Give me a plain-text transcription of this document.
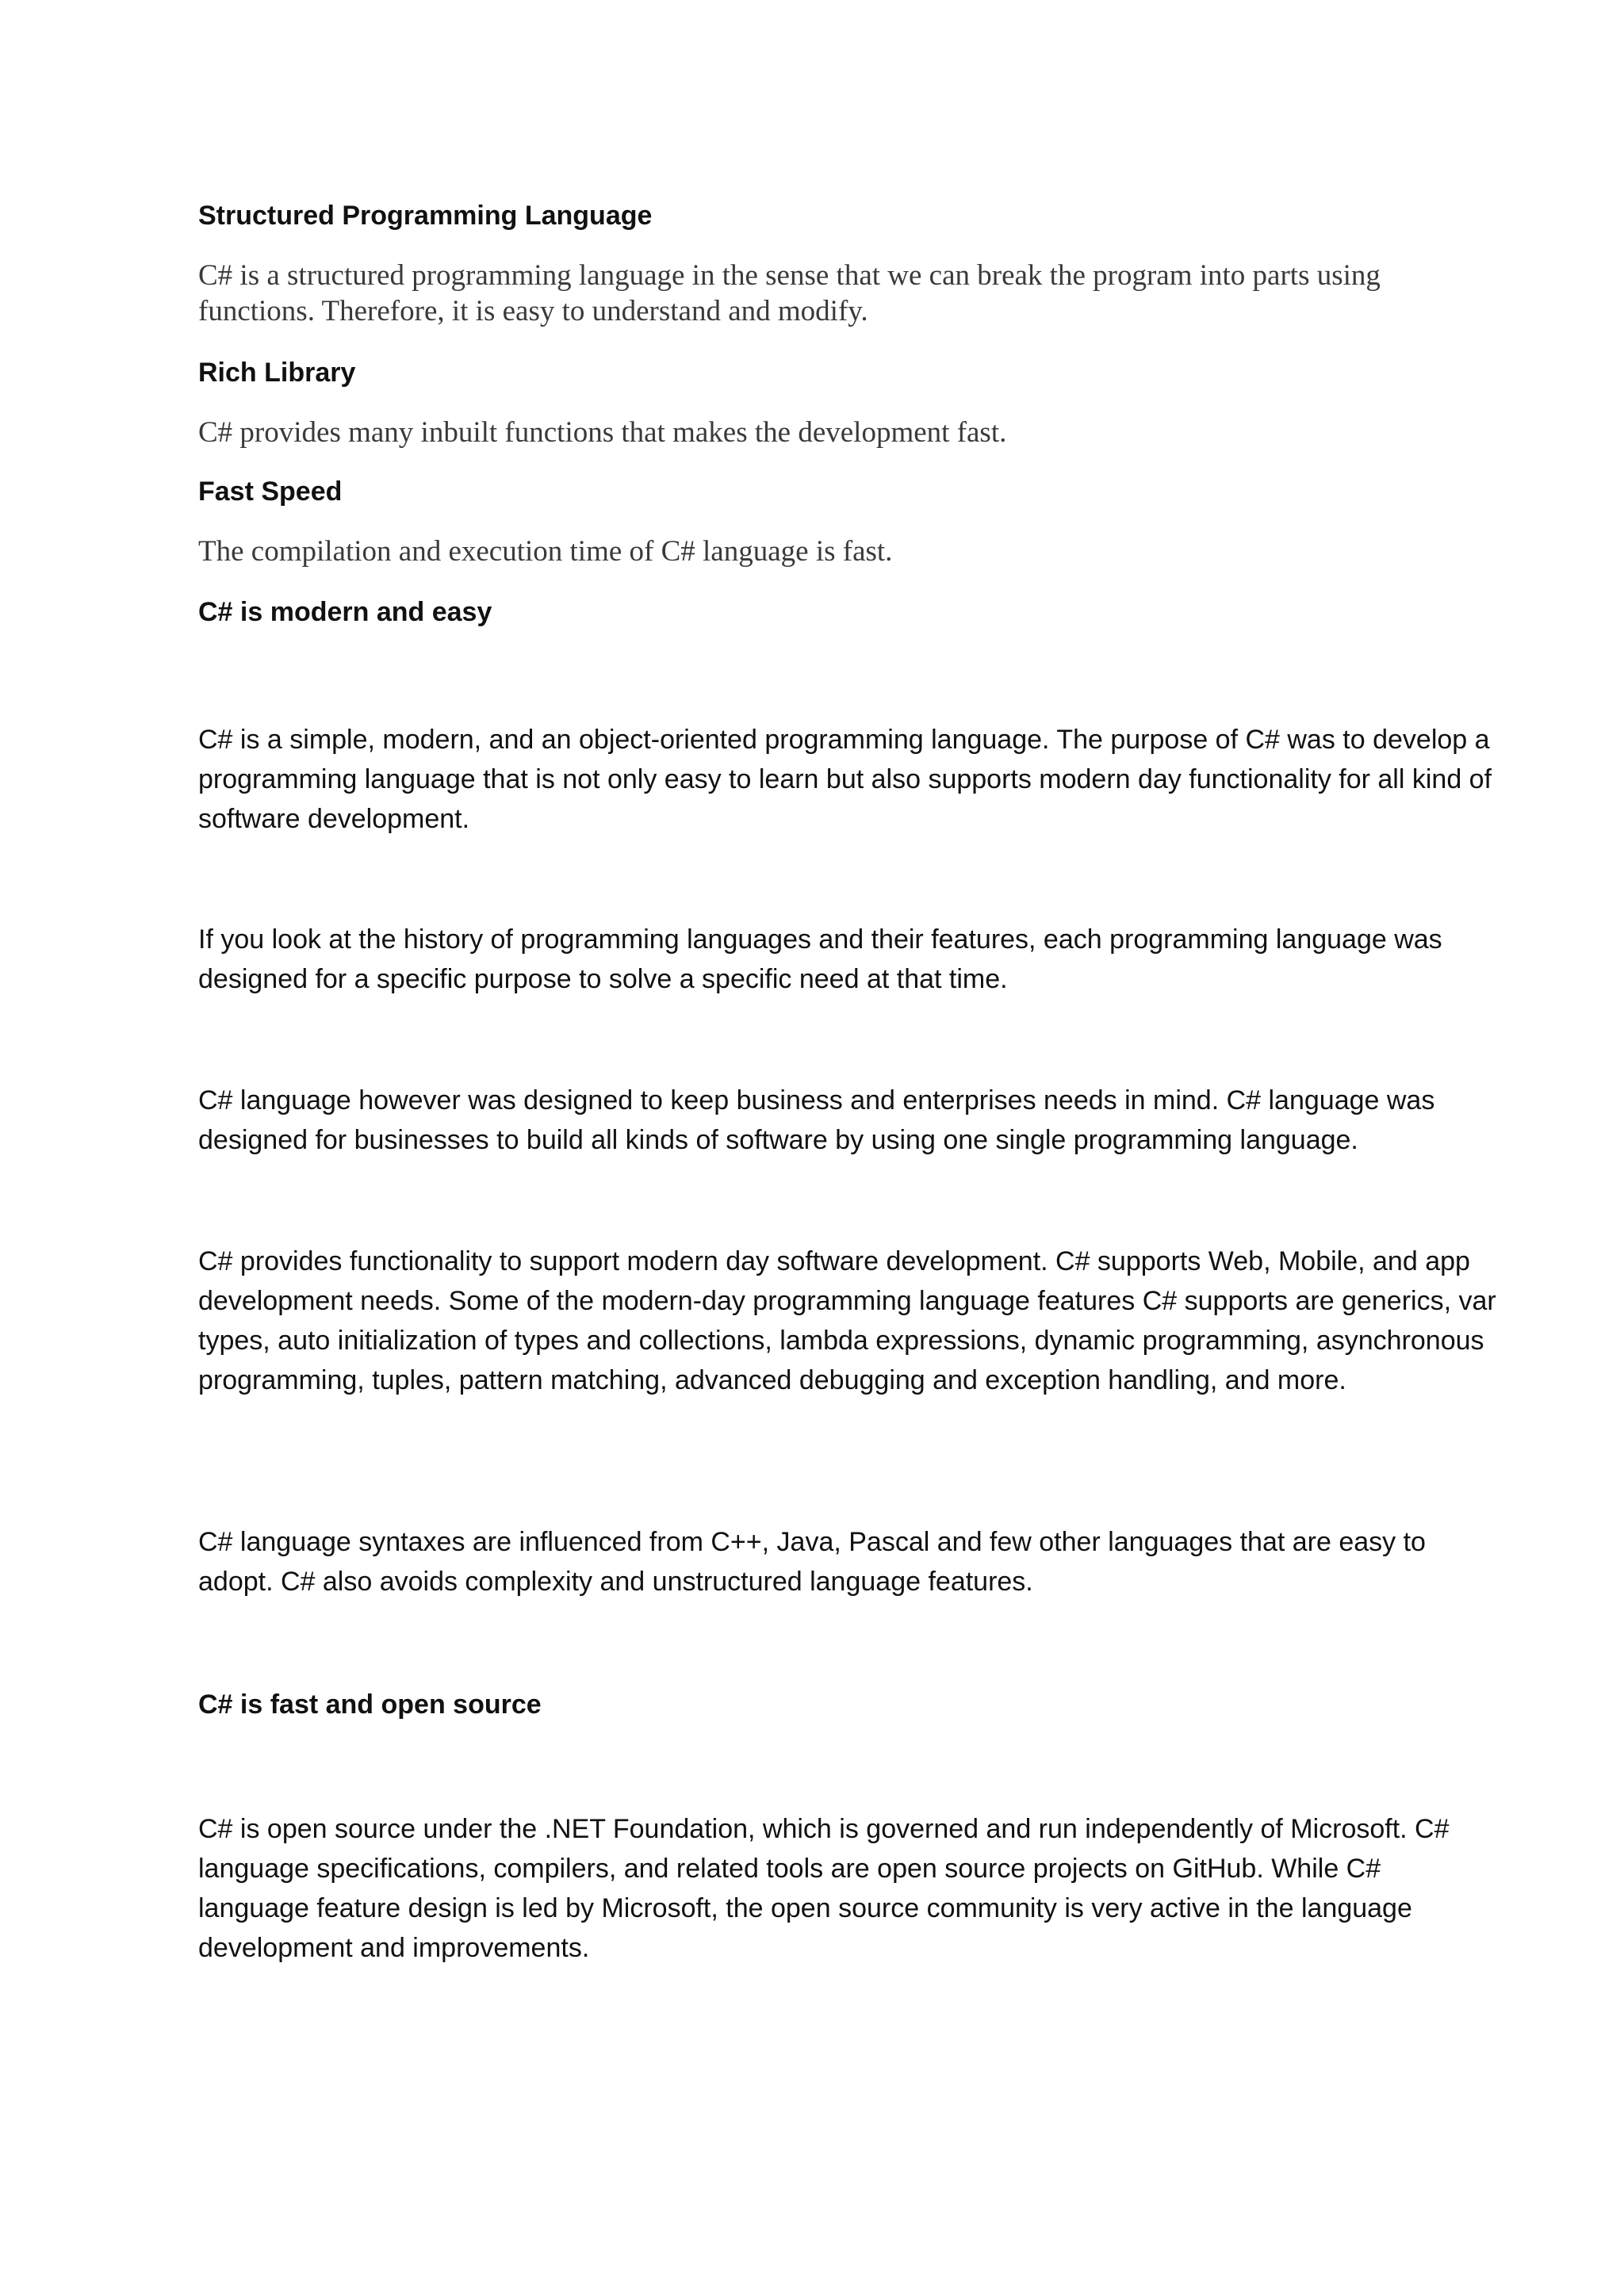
Structured Programming Language

C# is a structured programming language in the sense that we can break the program into parts using functions. Therefore, it is easy to understand and modify.

Rich Library

C# provides many inbuilt functions that makes the development fast.

Fast Speed

The compilation and execution time of C# language is fast.

C# is modern and easy

C# is a simple, modern, and an object-oriented programming language. The purpose of C# was to develop a programming language that is not only easy to learn but also supports modern day functionality for all kind of software development.

If you look at the history of programming languages and their features, each programming language was designed for a specific purpose to solve a specific need at that time.

C# language however was designed to keep business and enterprises needs in mind. C# language was designed for businesses to build all kinds of software by using one single programming language.

C# provides functionality to support modern day software development. C# supports Web, Mobile, and app development needs. Some of the modern-day programming language features C# supports are generics, var types, auto initialization of types and collections, lambda expressions, dynamic programming, asynchronous programming, tuples, pattern matching, advanced debugging and exception handling, and more.

C# language syntaxes are influenced from C++, Java, Pascal and few other languages that are easy to adopt. C# also avoids complexity and unstructured language features.

C# is fast and open source

C# is open source under the .NET Foundation, which is governed and run independently of Microsoft. C# language specifications, compilers, and related tools are open source projects on GitHub. While C# language feature design is led by Microsoft, the open source community is very active in the language development and improvements.
